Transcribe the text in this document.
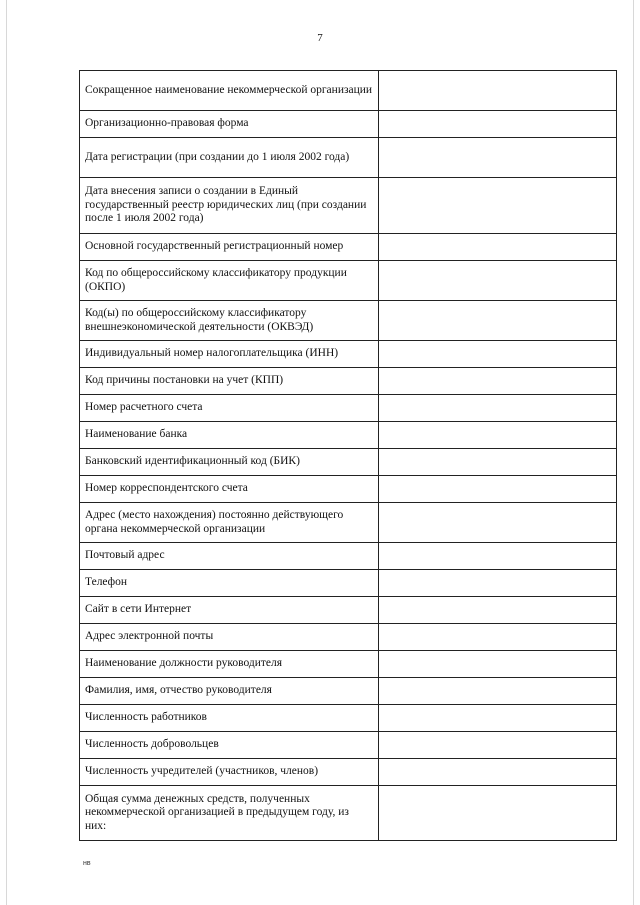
7
Сокращенное наименование некоммерческой организации	
Организационно-правовая форма	
Дата регистрации (при создании до 1 июля 2002 года)	
Дата внесения записи о создании в Единый государственный реестр юридических лиц (при создании после 1 июля 2002 года)	
Основной государственный регистрационный номер	
Код по общероссийскому классификатору продукции (ОКПО)	
Код(ы) по общероссийскому классификатору внешнеэкономической деятельности (ОКВЭД)	
Индивидуальный номер налогоплательщика (ИНН)	
Код причины постановки на учет (КПП)	
Номер расчетного счета	
Наименование банка	
Банковский идентификационный код (БИК)	
Номер корреспондентского счета	
Адрес (место нахождения) постоянно действующего органа некоммерческой организации	
Почтовый адрес	
Телефон	
Сайт в сети Интернет	
Адрес электронной почты	
Наименование должности руководителя	
Фамилия, имя, отчество руководителя	
Численность работников	
Численность добровольцев	
Численность учредителей (участников, членов)	
Общая сумма денежных средств, полученных некоммерческой организацией в предыдущем году, из них:	
нв
